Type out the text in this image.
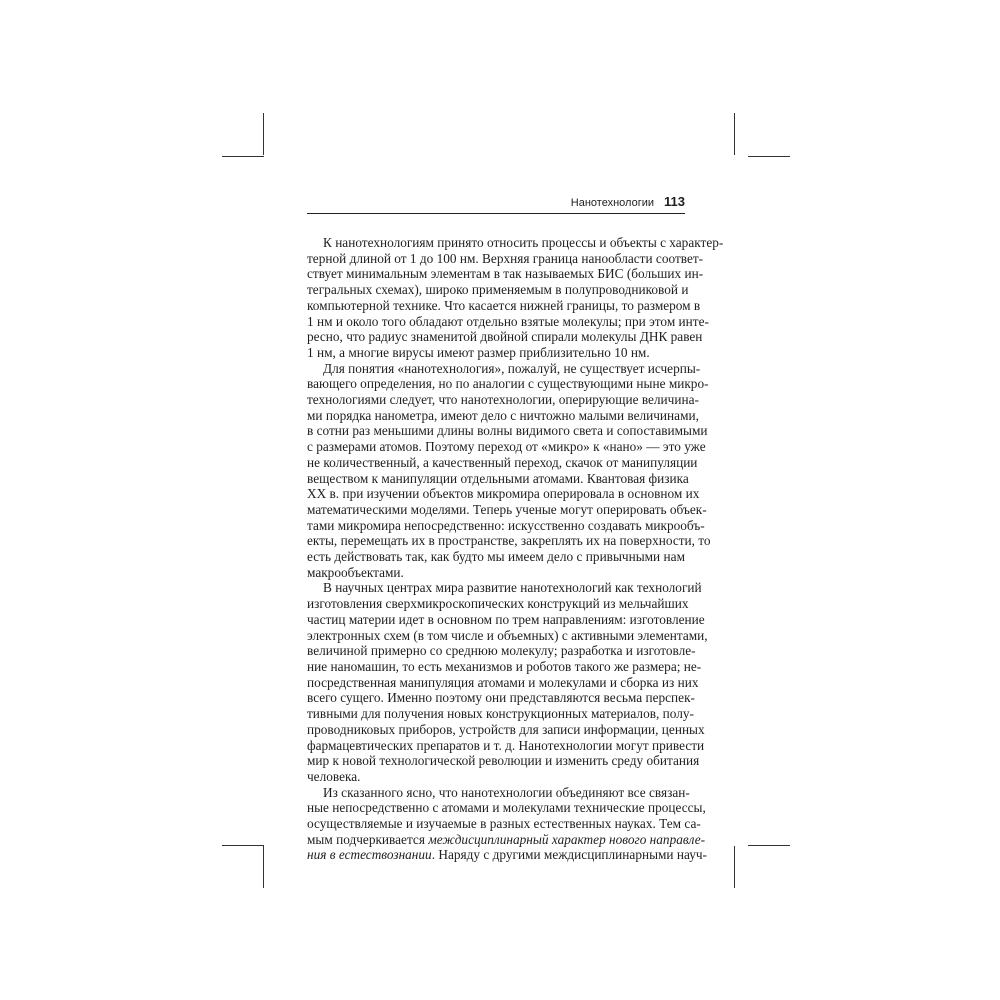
Нанотехнологии 113
К нанотехнологиям принято относить процессы и объекты с характер-
терной длиной от 1 до 100 нм. Верхняя граница нанообласти соответ-
ствует минимальным элементам в так называемых БИС (больших ин-
тегральных схемах), широко применяемым в полупроводниковой и
компьютерной технике. Что касается нижней границы, то размером в
1 нм и около того обладают отдельно взятые молекулы; при этом инте-
ресно, что радиус знаменитой двойной спирали молекулы ДНК равен
1 нм, а многие вирусы имеют размер приблизительно 10 нм.
Для понятия «нанотехнология», пожалуй, не существует исчерпы-
вающего определения, но по аналогии с существующими ныне микро-
технологиями следует, что нанотехнологии, оперирующие величина-
ми порядка нанометра, имеют дело с ничтожно малыми величинами,
в сотни раз меньшими длины волны видимого света и сопоставимыми
с размерами атомов. Поэтому переход от «микро» к «нано» — это уже
не количественный, а качественный переход, скачок от манипуляции
веществом к манипуляции отдельными атомами. Квантовая физика
XX в. при изучении объектов микромира оперировала в основном их
математическими моделями. Теперь ученые могут оперировать объек-
тами микромира непосредственно: искусственно создавать микрообъ-
екты, перемещать их в пространстве, закреплять их на поверхности, то
есть действовать так, как будто мы имеем дело с привычными нам
макрообъектами.
В научных центрах мира развитие нанотехнологий как технологий
изготовления сверхмикроскопических конструкций из мельчайших
частиц материи идет в основном по трем направлениям: изготовление
электронных схем (в том числе и объемных) с активными элементами,
величиной примерно со среднюю молекулу; разработка и изготовле-
ние наномашин, то есть механизмов и роботов такого же размера; не-
посредственная манипуляция атомами и молекулами и сборка из них
всего сущего. Именно поэтому они представляются весьма перспек-
тивными для получения новых конструкционных материалов, полу-
проводниковых приборов, устройств для записи информации, ценных
фармацевтических препаратов и т. д. Нанотехнологии могут привести
мир к новой технологической революции и изменить среду обитания
человека.
Из сказанного ясно, что нанотехнологии объединяют все связан-
ные непосредственно с атомами и молекулами технические процессы,
осуществляемые и изучаемые в разных естественных науках. Тем са-
мым подчеркивается междисциплинарный характер нового направле-
ния в естествознании. Наряду с другими междисциплинарными науч-
